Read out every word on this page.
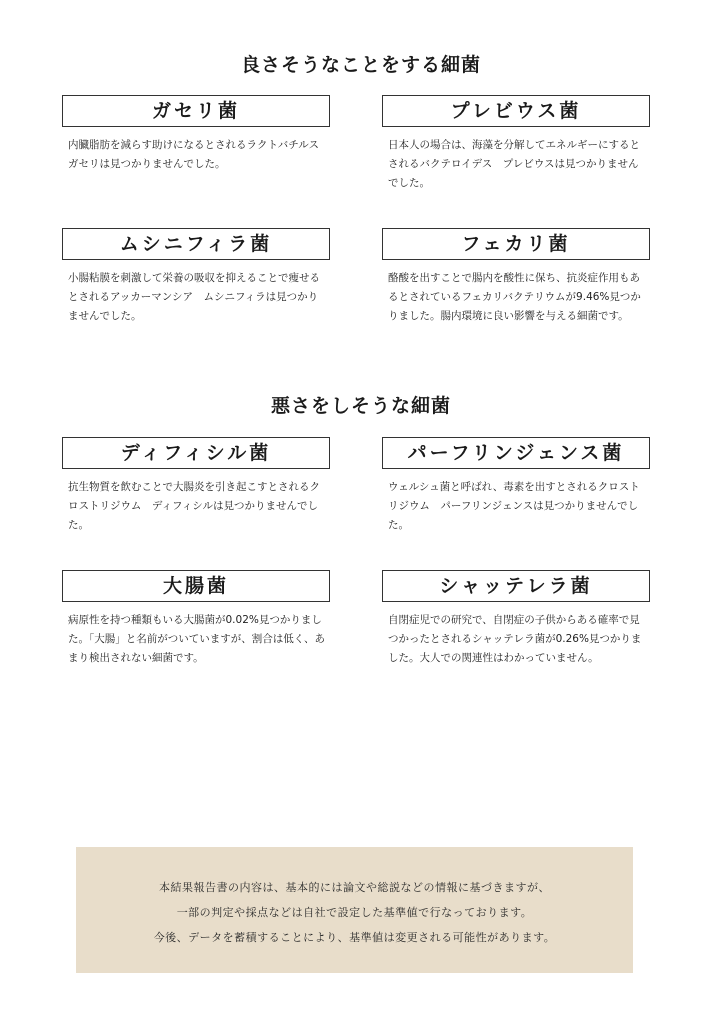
良さそうなことをする細菌
ガセリ菌
内臓脂肪を減らす助けになるとされるラクトバチルス　ガセリは見つかりませんでした。
プレビウス菌
日本人の場合は、海藻を分解してエネルギーにするとされるバクテロイデス　プレビウスは見つかりませんでした。
ムシニフィラ菌
小腸粘膜を刺激して栄養の吸収を抑えることで痩せるとされるアッカーマンシア　ムシニフィラは見つかりませんでした。
フェカリ菌
酪酸を出すことで腸内を酸性に保ち、抗炎症作用もあるとされているフェカリバクテリウムが9.46%見つかりました。腸内環境に良い影響を与える細菌です。
悪さをしそうな細菌
ディフィシル菌
抗生物質を飲むことで大腸炎を引き起こすとされるクロストリジウム　ディフィシルは見つかりませんでした。
パーフリンジェンス菌
ウェルシュ菌と呼ばれ、毒素を出すとされるクロストリジウム　パーフリンジェンスは見つかりませんでした。
大腸菌
病原性を持つ種類もいる大腸菌が0.02%見つかりました。「大腸」と名前がついていますが、割合は低く、あまり検出されない細菌です。
シャッテレラ菌
自閉症児での研究で、自閉症の子供からある確率で見つかったとされるシャッテレラ菌が0.26%見つかりました。大人での関連性はわかっていません。
本結果報告書の内容は、基本的には論文や総説などの情報に基づきますが、
一部の判定や採点などは自社で設定した基準値で行なっております。
今後、データを蓄積することにより、基準値は変更される可能性があります。
